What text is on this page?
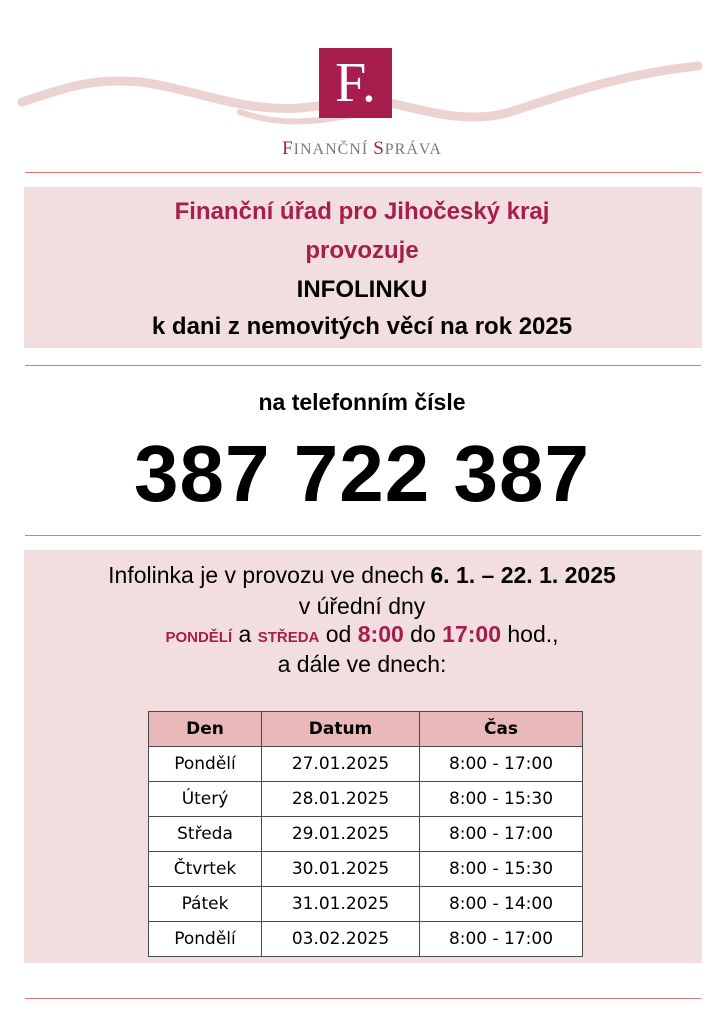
F.
FINANČNÍ SPRÁVA
Finanční úřad pro Jihočeský kraj
provozuje
INFOLINKU
k dani z nemovitých věcí na rok 2025
na telefonním čísle
387 722 387
Infolinka je v provozu ve dnech 6. 1. – 22. 1. 2025
v úřední dny
PONDĚLÍ a STŘEDA od 8:00 do 17:00 hod.,
a dále ve dnech:
Den	Datum	Čas
Pondělí	27.01.2025	8:00 - 17:00
Úterý	28.01.2025	8:00 - 15:30
Středa	29.01.2025	8:00 - 17:00
Čtvrtek	30.01.2025	8:00 - 15:30
Pátek	31.01.2025	8:00 - 14:00
Pondělí	03.02.2025	8:00 - 17:00
